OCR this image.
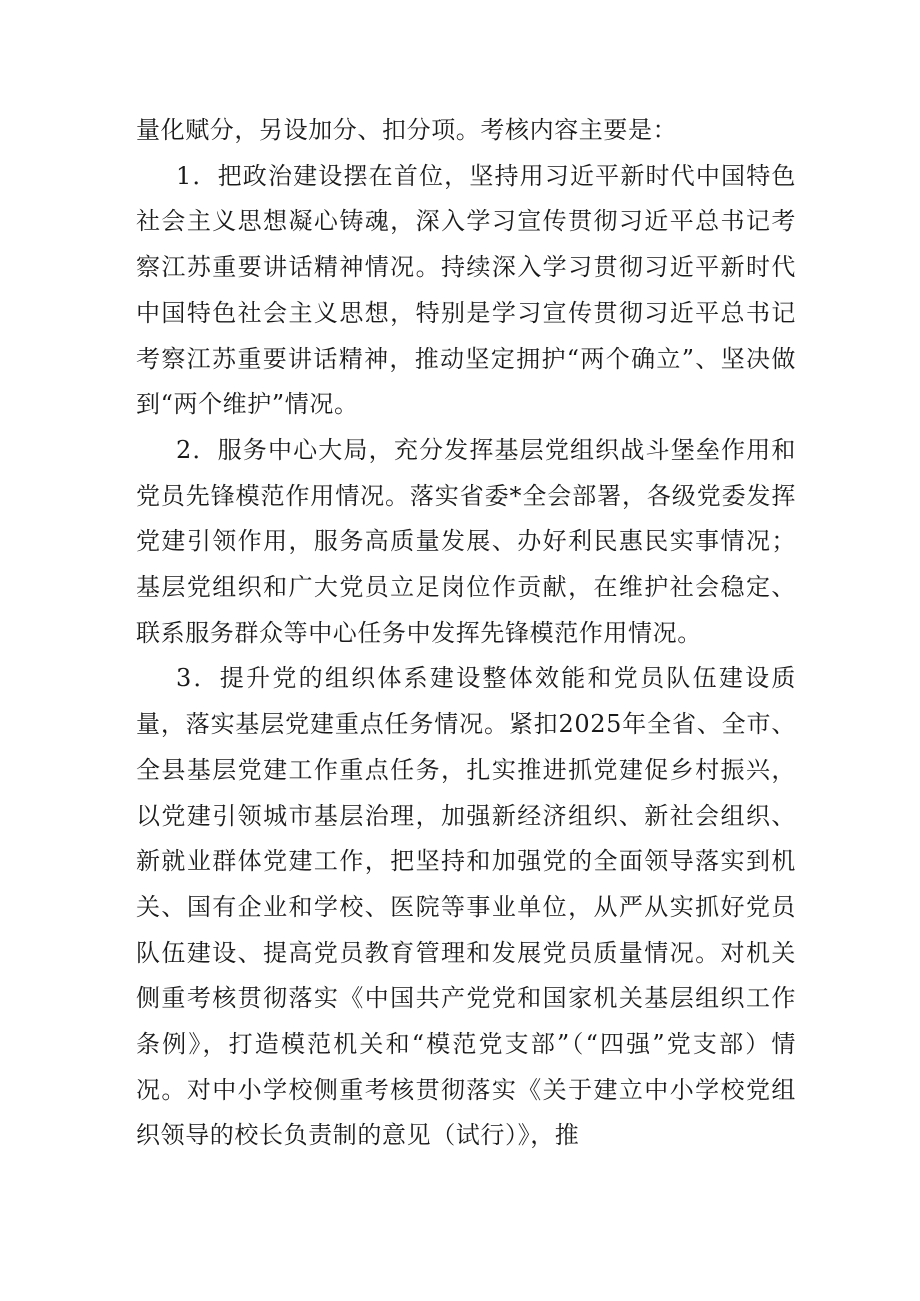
量化赋分，另设加分、扣分项。考核内容主要是：

1．把政治建设摆在首位，坚持用习近平新时代中国特色社会主义思想凝心铸魂，深入学习宣传贯彻习近平总书记考察江苏重要讲话精神情况。持续深入学习贯彻习近平新时代中国特色社会主义思想，特别是学习宣传贯彻习近平总书记考察江苏重要讲话精神，推动坚定拥护“两个确立”、坚决做到“两个维护”情况。

2．服务中心大局，充分发挥基层党组织战斗堡垒作用和党员先锋模范作用情况。落实省委*全会部署，各级党委发挥党建引领作用，服务高质量发展、办好利民惠民实事情况；基层党组织和广大党员立足岗位作贡献，在维护社会稳定、联系服务群众等中心任务中发挥先锋模范作用情况。

3．提升党的组织体系建设整体效能和党员队伍建设质量，落实基层党建重点任务情况。紧扣2025年全省、全市、全县基层党建工作重点任务，扎实推进抓党建促乡村振兴，以党建引领城市基层治理，加强新经济组织、新社会组织、新就业群体党建工作，把坚持和加强党的全面领导落实到机关、国有企业和学校、医院等事业单位，从严从实抓好党员队伍建设、提高党员教育管理和发展党员质量情况。对机关侧重考核贯彻落实《中国共产党党和国家机关基层组织工作条例》，打造模范机关和“模范党支部”（“四强”党支部）情况。对中小学校侧重考核贯彻落实《关于建立中小学校党组织领导的校长负责制的意见（试行）》，推
